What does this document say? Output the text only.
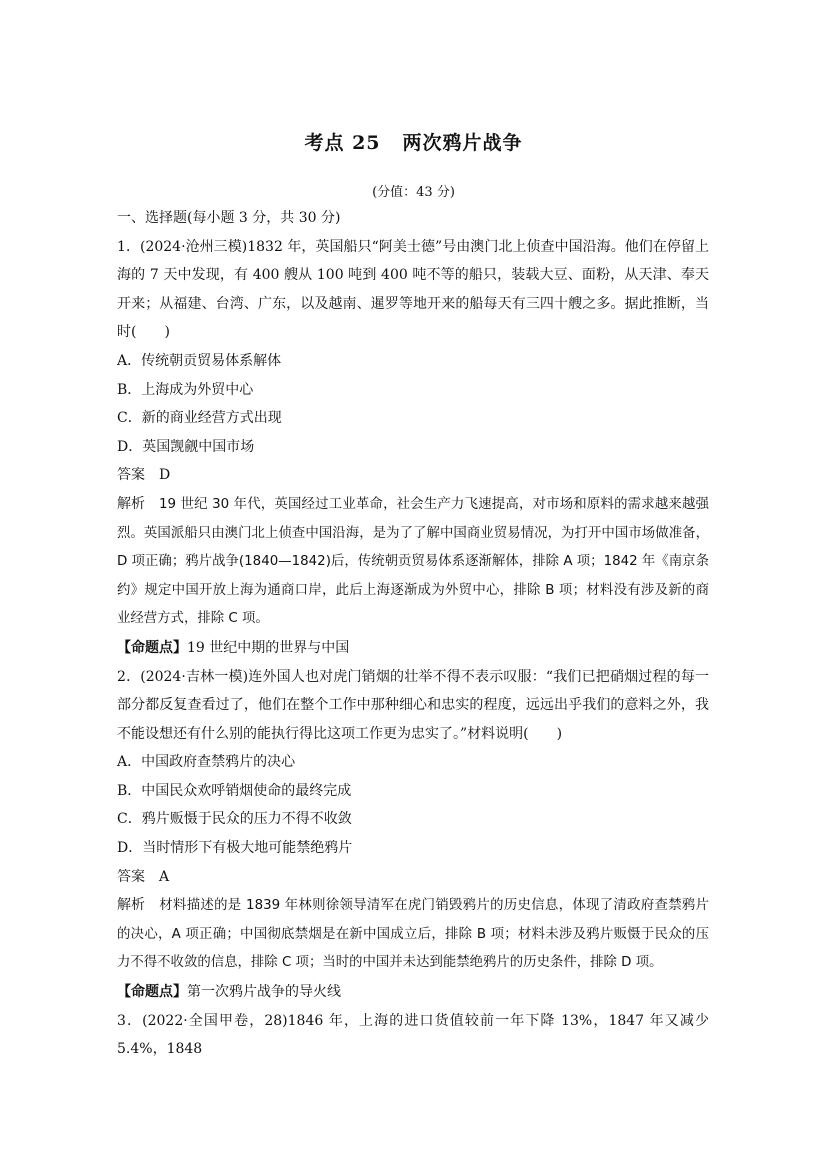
考点 25 两次鸦片战争
(分值：43 分)

一、选择题(每小题 3 分，共 30 分)

1．(2024·沧州三模)1832 年，英国船只“阿美士德”号由澳门北上侦查中国沿海。他们在停留上海的 7 天中发现，有 400 艘从 100 吨到 400 吨不等的船只，装载大豆、面粉，从天津、奉天开来；从福建、台湾、广东，以及越南、暹罗等地开来的船每天有三四十艘之多。据此推断，当时(　　)

A．传统朝贡贸易体系解体

B．上海成为外贸中心

C．新的商业经营方式出现

D．英国觊觎中国市场

答案 D

解析 19 世纪 30 年代，英国经过工业革命，社会生产力飞速提高，对市场和原料的需求越来越强烈。英国派船只由澳门北上侦查中国沿海，是为了了解中国商业贸易情况，为打开中国市场做准备，D 项正确；鸦片战争(1840—1842)后，传统朝贡贸易体系逐渐解体，排除 A 项；1842 年《南京条约》规定中国开放上海为通商口岸，此后上海逐渐成为外贸中心，排除 B 项；材料没有涉及新的商业经营方式，排除 C 项。

【命题点】19 世纪中期的世界与中国

2．(2024·吉林一模)连外国人也对虎门销烟的壮举不得不表示叹服：“我们已把硝烟过程的每一部分都反复查看过了，他们在整个工作中那种细心和忠实的程度，远远出乎我们的意料之外，我不能设想还有什么别的能执行得比这项工作更为忠实了。”材料说明(　　)

A．中国政府查禁鸦片的决心

B．中国民众欢呼销烟使命的最终完成

C．鸦片贩慑于民众的压力不得不收敛

D．当时情形下有极大地可能禁绝鸦片

答案 A

解析 材料描述的是 1839 年林则徐领导清军在虎门销毁鸦片的历史信息，体现了清政府查禁鸦片的决心，A 项正确；中国彻底禁烟是在新中国成立后，排除 B 项；材料未涉及鸦片贩慑于民众的压力不得不收敛的信息，排除 C 项；当时的中国并未达到能禁绝鸦片的历史条件，排除 D 项。

【命题点】第一次鸦片战争的导火线

3．(2022·全国甲卷，28)1846 年，上海的进口货值较前一年下降 13%，1847 年又减少 5.4%，1848
